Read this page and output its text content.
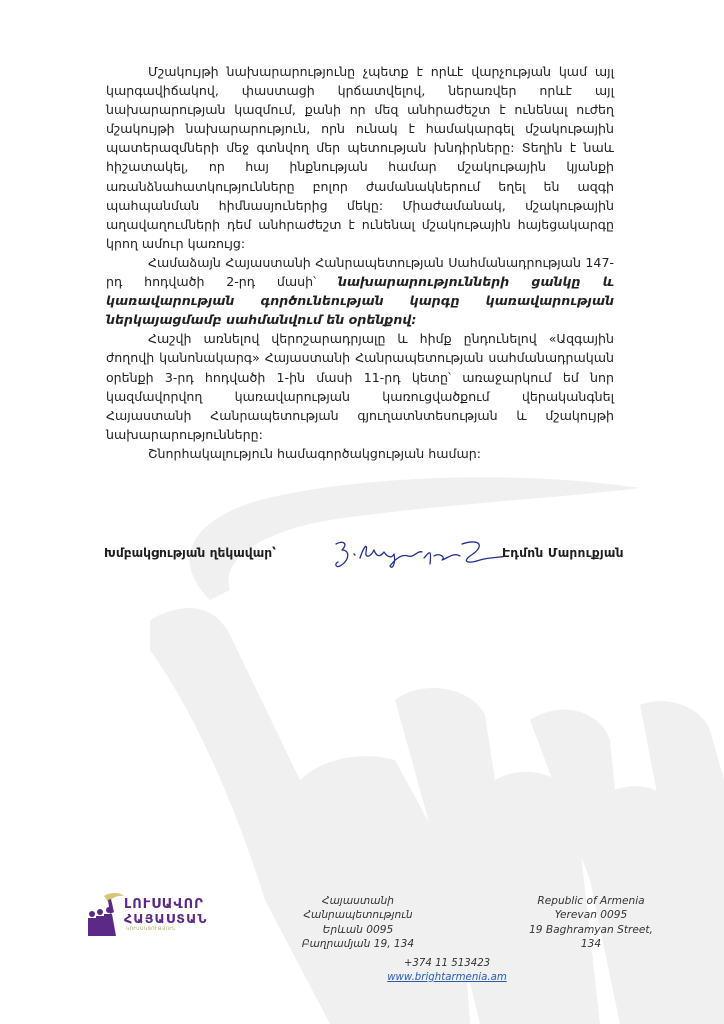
Մշակույթի նախարարությունը չպետք է որևէ վարչության կամ այլ կարգավիճակով, փաստացի կրճատվելով, ներառվեր որևէ այլ նախարարության կազմում, քանի որ մեզ անհրաժեշտ է ունենալ ուժեղ մշակույթի նախարարություն, որն ունակ է համակարգել մշակութային պատերազմների մեջ գտնվող մեր պետության խնդիրները: Տեղին է նաև հիշատակել, որ հայ ինքնության համար մշակութային կյանքի առանձնահատկությունները բոլոր ժամանակներում եղել են ազգի պահպանման հիմնասյուներից մեկը: Միաժամանակ, մշակութային աղավաղումների դեմ անհրաժեշտ է ունենալ մշակութային հայեցակարգը կրող ամուր կառույց:

Համաձայն Հայաստանի Հանրապետության Սահմանադրության 147-րդ հոդվածի 2-րդ մասի՝ նախարարությունների ցանկը և կառավարության գործունեության կարգը կառավարության ներկայացմամբ սահմանվում են օրենքով:

Հաշվի առնելով վերոշարադրյալը և հիմք ընդունելով «Ազգային ժողովի կանոնակարգ» Հայաստանի Հանրապետության սահմանադրական օրենքի 3-րդ հոդվածի 1-ին մասի 11-րդ կետը՝ առաջարկում եմ նոր կազմավորվող կառավարության կառուցվածքում վերականգնել Հայաստանի Հանրապետության գյուղատնտեսության և մշակույթի նախարարությունները:

Շնորհակալություն համագործակցության համար:

Խմբակցության ղեկավար՝	Էդմոն Մարուքյան
ԼՈՒՍԱՎՈՐ
ՀԱՅԱՍՏԱՆ
ԿՈՒՍԱԿՑՈՒԹՅՈՒՆ
Հայաստանի Հանրապետություն
Երևան 0095
Բաղրամյան 19, 134
Republic of Armenia
Yerevan 0095
19 Baghramyan Street, 134
+374 11 513423
www.brightarmenia.am
